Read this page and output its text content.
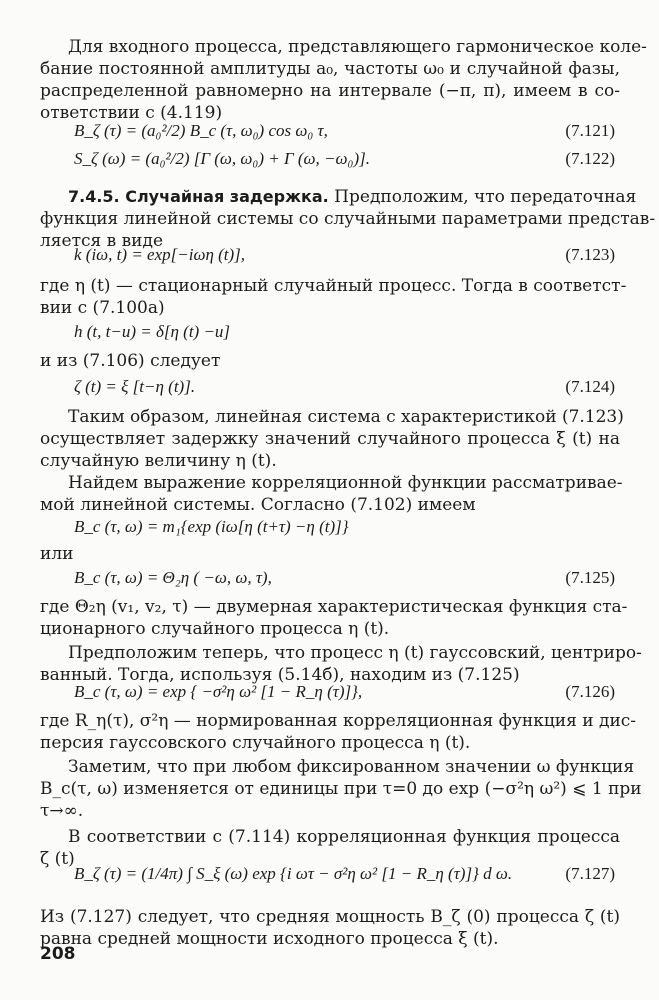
Для входного процесса, представляющего гармоническое коле-
бание постоянной амплитуды a₀, частоты ω₀ и случайной фазы,
распределенной равномерно на интервале (−π, π), имеем в со-
ответствии с (4.119)
B_ζ (τ) = (a₀²/2) B_c (τ, ω₀) cos ω₀ τ,	(7.121)
S_ζ (ω) = (a₀²/2) [Γ (ω, ω₀) + Γ (ω, −ω₀)].	(7.122)
7.4.5. Случайная задержка. Предположим, что передаточная
функция линейной системы со случайными параметрами представ-
ляется в виде
k (iω, t) = exp[−iωη (t)],	(7.123)
где η (t) — стационарный случайный процесс. Тогда в соответст-
вии с (7.100а)
h (t, t−u) = δ[η (t) −u]
и из (7.106) следует
ζ (t) = ξ [t−η (t)].	(7.124)
Таким образом, линейная система с характеристикой (7.123)
осуществляет задержку значений случайного процесса ξ (t) на
случайную величину η (t).
Найдем выражение корреляционной функции рассматривае-
мой линейной системы. Согласно (7.102) имеем
B_c (τ, ω) = m₁{exp (iω[η (t+τ) −η (t)]}
или
B_c (τ, ω) = Θ₂η ( −ω, ω, τ),	(7.125)
где Θ₂η (v₁, v₂, τ) — двумерная характеристическая функция ста-
ционарного случайного процесса η (t).
Предположим теперь, что процесс η (t) гауссовский, центриро-
ванный. Тогда, используя (5.14б), находим из (7.125)
B_c (τ, ω) = exp { −σ²η ω² [1 − R_η (τ)]},	(7.126)
где R_η(τ), σ²η — нормированная корреляционная функция и дис-
персия гауссовского случайного процесса η (t).
Заметим, что при любом фиксированном значении ω функция
B_c(τ, ω) изменяется от единицы при τ=0 до exp (−σ²η ω²) ⩽ 1 при
τ→∞.
В соответствии с (7.114) корреляционная функция процесса
ζ (t)
B_ζ (τ) = (1/4π) ∫ S_ξ (ω) exp {i ωτ − σ²η ω² [1 − R_η (τ)]} d ω.	(7.127)
Из (7.127) следует, что средняя мощность B_ζ (0) процесса ζ (t)
равна средней мощности исходного процесса ξ (t).
208
